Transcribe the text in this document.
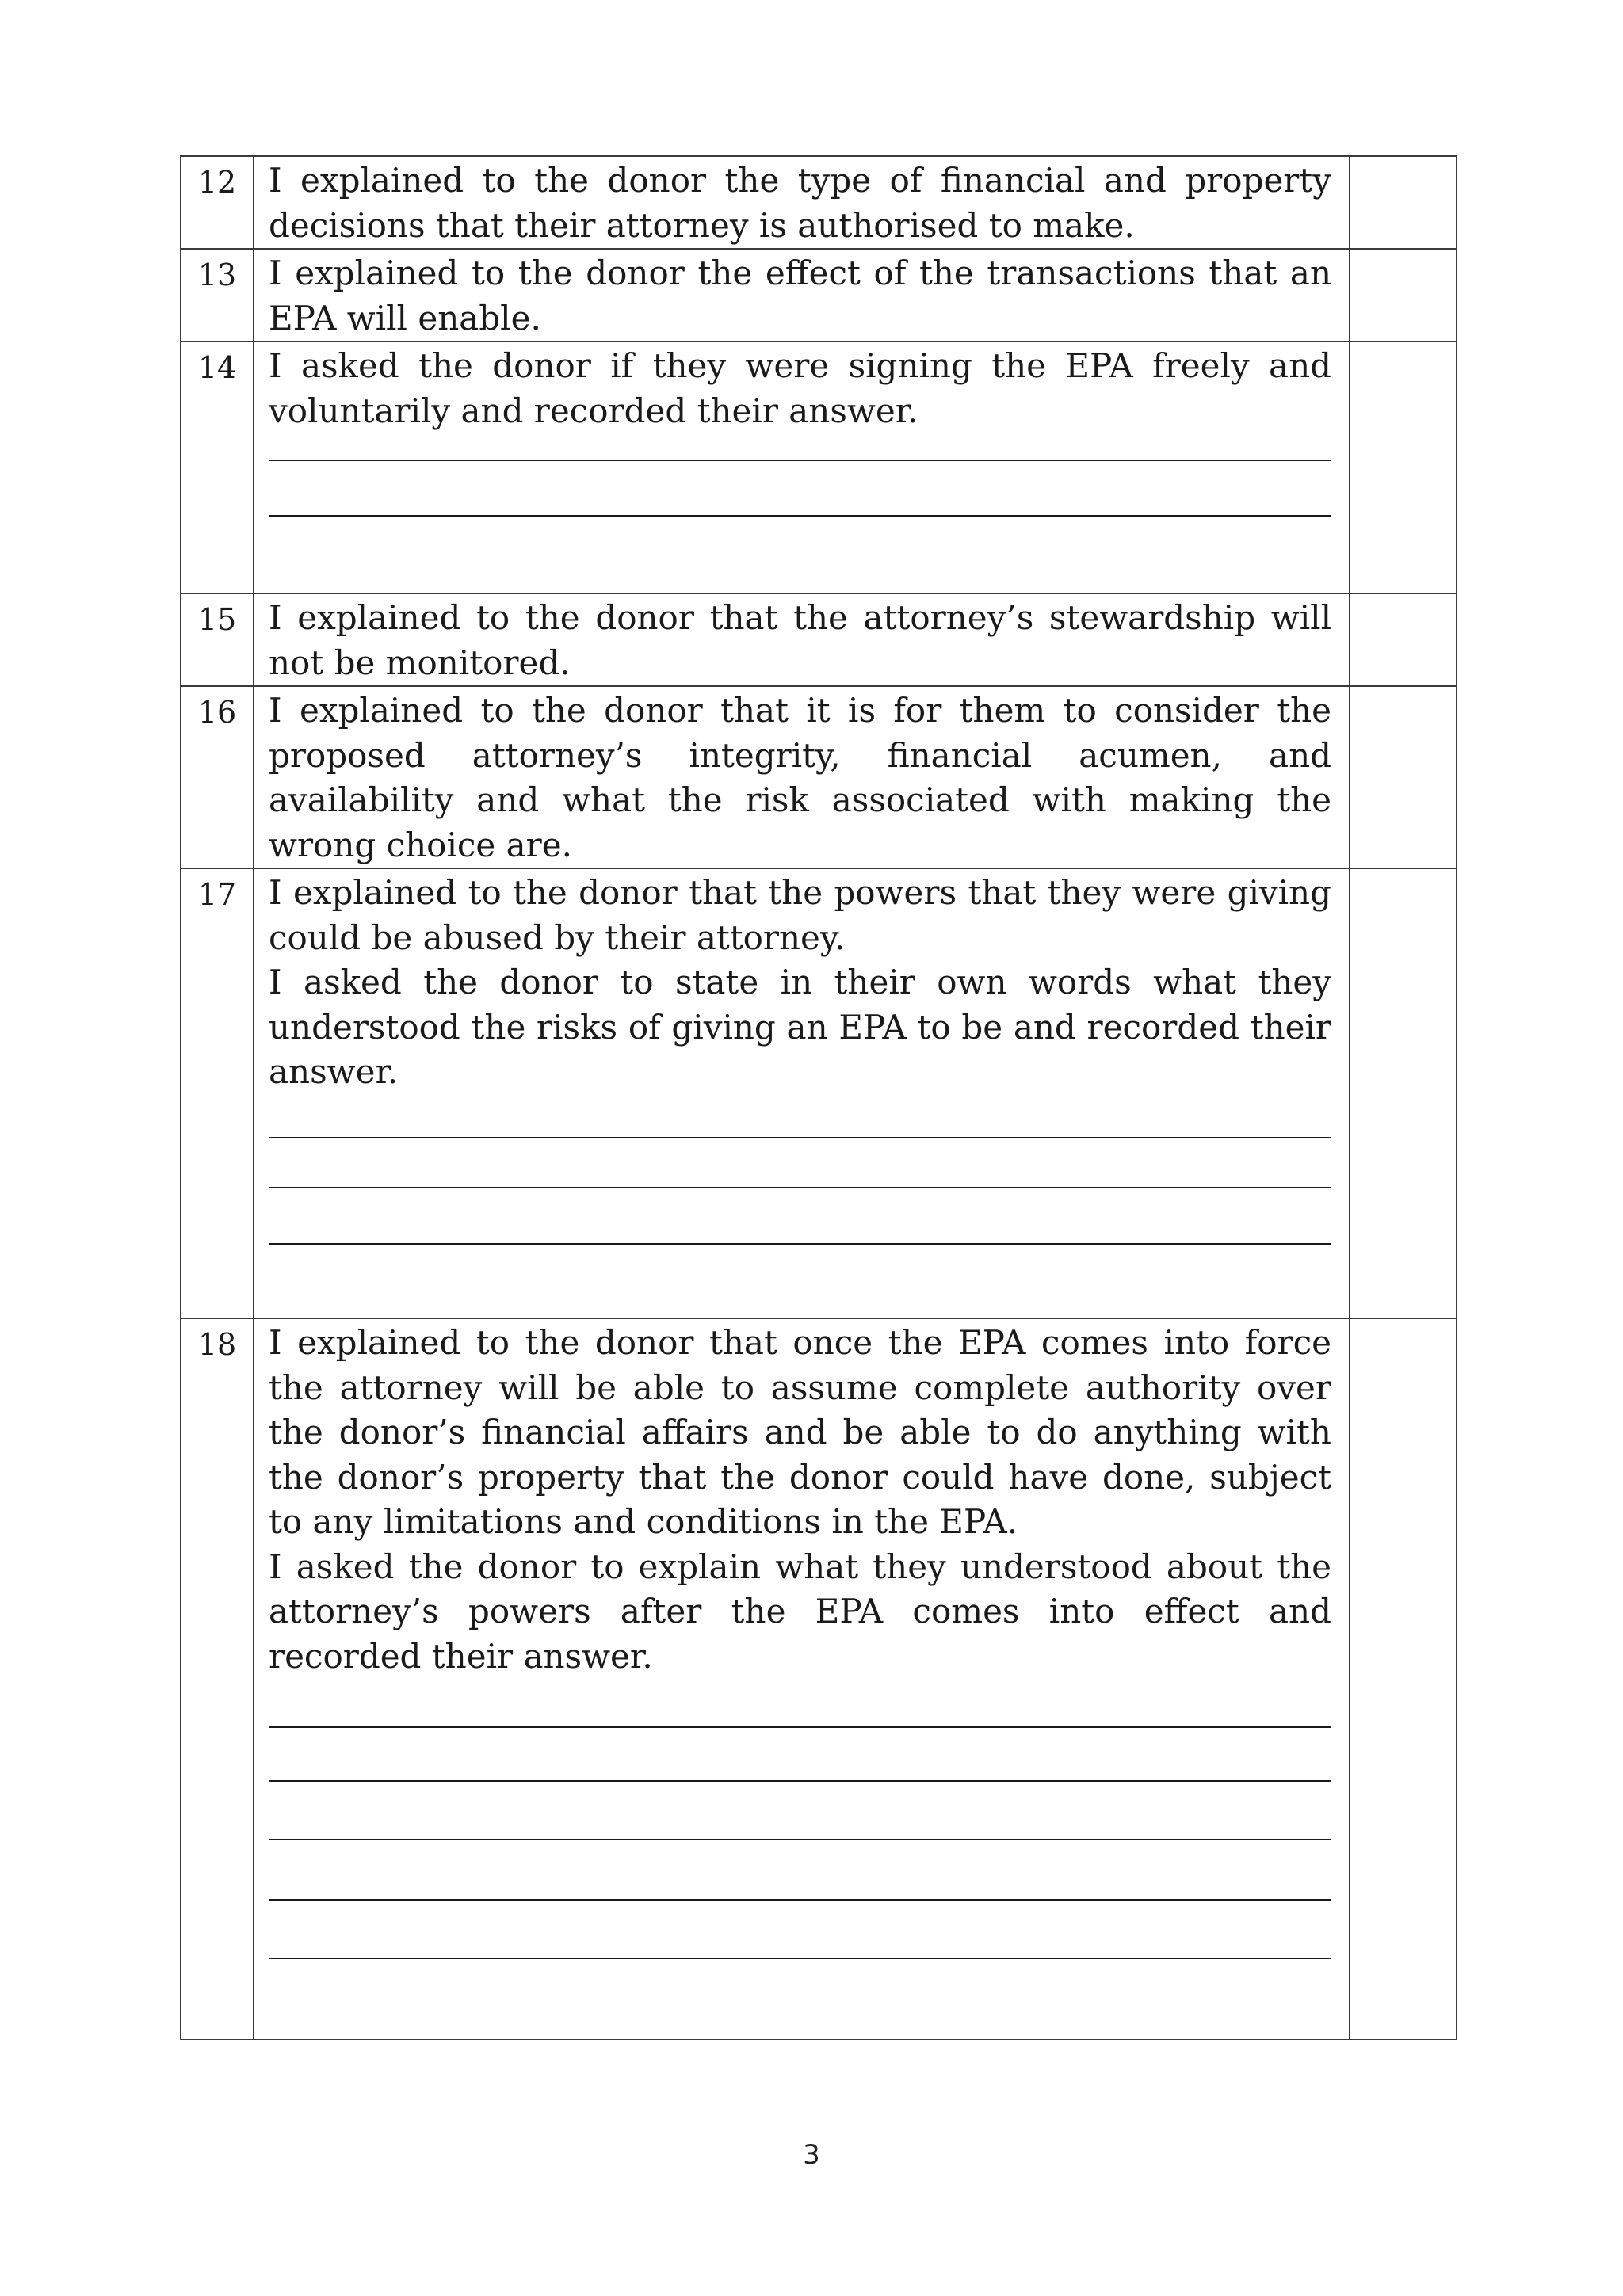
12	I explained to the donor the type of financial and property decisions that their attorney is authorised to make.	

13	I explained to the donor the effect of the transactions that an EPA will enable.	

14	I asked the donor if they were signing the EPA freely and voluntarily and recorded their answer.	

15	I explained to the donor that the attorney’s stewardship will not be monitored.	

16	I explained to the donor that it is for them to consider the proposed attorney’s integrity, financial acumen, and availability and what the risk associated with making the wrong choice are.	

17	I explained to the donor that the powers that they were giving could be abused by their attorney.

I asked the donor to state in their own words what they understood the risks of giving an EPA to be and recorded their answer.	

18	I explained to the donor that once the EPA comes into force the attorney will be able to assume complete authority over the donor’s financial affairs and be able to do anything with the donor’s property that the donor could have done, subject to any limitations and conditions in the EPA.

I asked the donor to explain what they understood about the attorney’s powers after the EPA comes into effect and recorded their answer.	

3
